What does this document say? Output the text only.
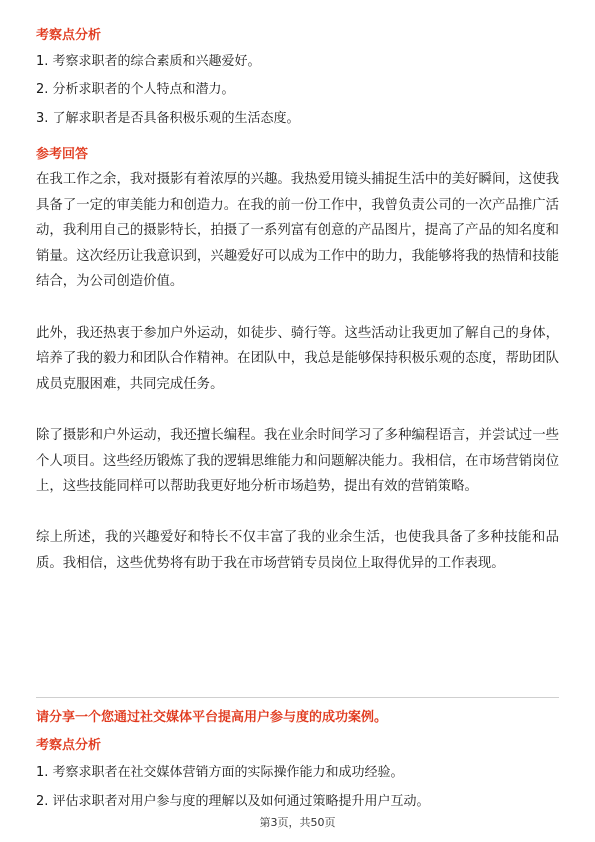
考察点分析

1. 考察求职者的综合素质和兴趣爱好。

2. 分析求职者的个人特点和潜力。

3. 了解求职者是否具备积极乐观的生活态度。

参考回答

在我工作之余，我对摄影有着浓厚的兴趣。我热爱用镜头捕捉生活中的美好瞬间，这使我具备了一定的审美能力和创造力。在我的前一份工作中，我曾负责公司的一次产品推广活动，我利用自己的摄影特长，拍摄了一系列富有创意的产品图片，提高了产品的知名度和销量。这次经历让我意识到，兴趣爱好可以成为工作中的助力，我能够将我的热情和技能结合，为公司创造价值。

此外，我还热衷于参加户外运动，如徒步、骑行等。这些活动让我更加了解自己的身体，培养了我的毅力和团队合作精神。在团队中，我总是能够保持积极乐观的态度，帮助团队成员克服困难，共同完成任务。

除了摄影和户外运动，我还擅长编程。我在业余时间学习了多种编程语言，并尝试过一些个人项目。这些经历锻炼了我的逻辑思维能力和问题解决能力。我相信，在市场营销岗位上，这些技能同样可以帮助我更好地分析市场趋势，提出有效的营销策略。

综上所述，我的兴趣爱好和特长不仅丰富了我的业余生活，也使我具备了多种技能和品质。我相信，这些优势将有助于我在市场营销专员岗位上取得优异的工作表现。

请分享一个您通过社交媒体平台提高用户参与度的成功案例。

考察点分析

1. 考察求职者在社交媒体营销方面的实际操作能力和成功经验。

2. 评估求职者对用户参与度的理解以及如何通过策略提升用户互动。

第3页，共50页
